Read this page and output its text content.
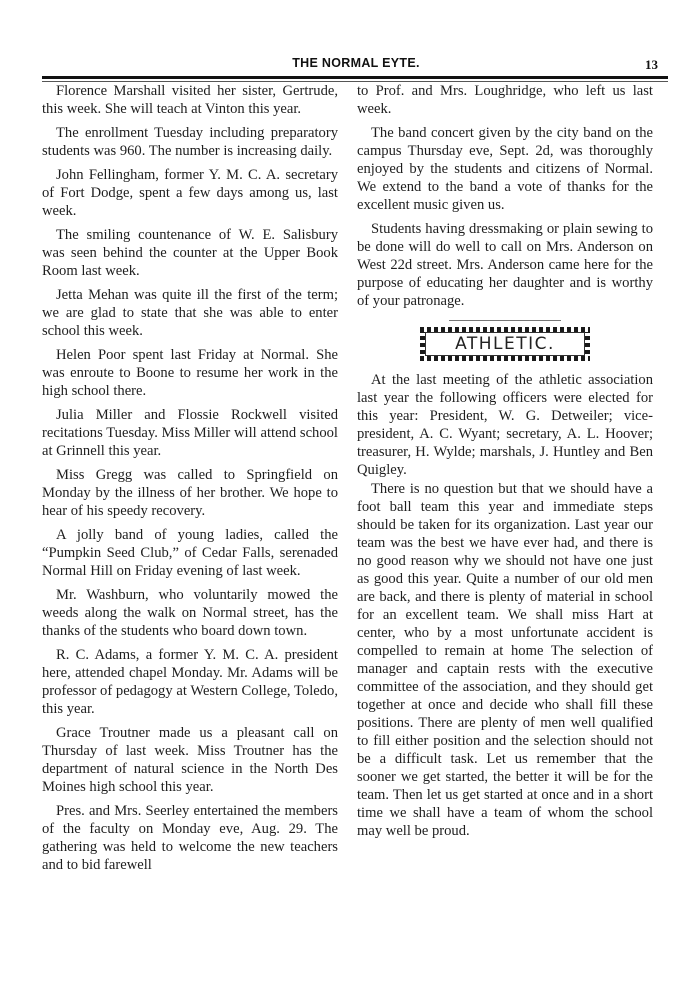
THE NORMAL EYTE.	13

Florence Marshall visited her sister, Gertrude, this week. She will teach at Vinton this year.

The enrollment Tuesday including preparatory students was 960. The number is increasing daily.

John Fellingham, former Y. M. C. A. secretary of Fort Dodge, spent a few days among us, last week.

The smiling countenance of W. E. Salisbury was seen behind the counter at the Upper Book Room last week.

Jetta Mehan was quite ill the first of the term; we are glad to state that she was able to enter school this week.

Helen Poor spent last Friday at Normal. She was enroute to Boone to resume her work in the high school there.

Julia Miller and Flossie Rockwell visited recitations Tuesday. Miss Miller will attend school at Grinnell this year.

Miss Gregg was called to Springfield on Monday by the illness of her brother. We hope to hear of his speedy recovery.

A jolly band of young ladies, called the “Pumpkin Seed Club,” of Cedar Falls, serenaded Normal Hill on Friday evening of last week.

Mr. Washburn, who voluntarily mowed the weeds along the walk on Normal street, has the thanks of the students who board down town.

R. C. Adams, a former Y. M. C. A. president here, attended chapel Monday. Mr. Adams will be professor of pedagogy at Western College, Toledo, this year.

Grace Troutner made us a pleasant call on Thursday of last week. Miss Troutner has the department of natural science in the North Des Moines high school this year.

Pres. and Mrs. Seerley entertained the members of the faculty on Monday eve, Aug. 29. The gathering was held to welcome the new teachers and to bid farewell

to Prof. and Mrs. Loughridge, who left us last week.

The band concert given by the city band on the campus Thursday eve, Sept. 2d, was thoroughly enjoyed by the students and citizens of Normal. We extend to the band a vote of thanks for the excellent music given us.

Students having dressmaking or plain sewing to be done will do well to call on Mrs. Anderson on West 22d street. Mrs. Anderson came here for the purpose of educating her daughter and is worthy of your patronage.

ATHLETIC.

At the last meeting of the athletic association last year the following officers were elected for this year: President, W. G. Detweiler; vice-president, A. C. Wyant; secretary, A. L. Hoover; treasurer, H. Wylde; marshals, J. Huntley and Ben Quigley.

There is no question but that we should have a foot ball team this year and immediate steps should be taken for its organization. Last year our team was the best we have ever had, and there is no good reason why we should not have one just as good this year. Quite a number of our old men are back, and there is plenty of material in school for an excellent team. We shall miss Hart at center, who by a most unfortunate accident is compelled to remain at home The selection of manager and captain rests with the executive committee of the association, and they should get together at once and decide who shall fill these positions. There are plenty of men well qualified to fill either position and the selection should not be a difficult task. Let us remember that the sooner we get started, the better it will be for the team. Then let us get started at once and in a short time we shall have a team of whom the school may well be proud.
